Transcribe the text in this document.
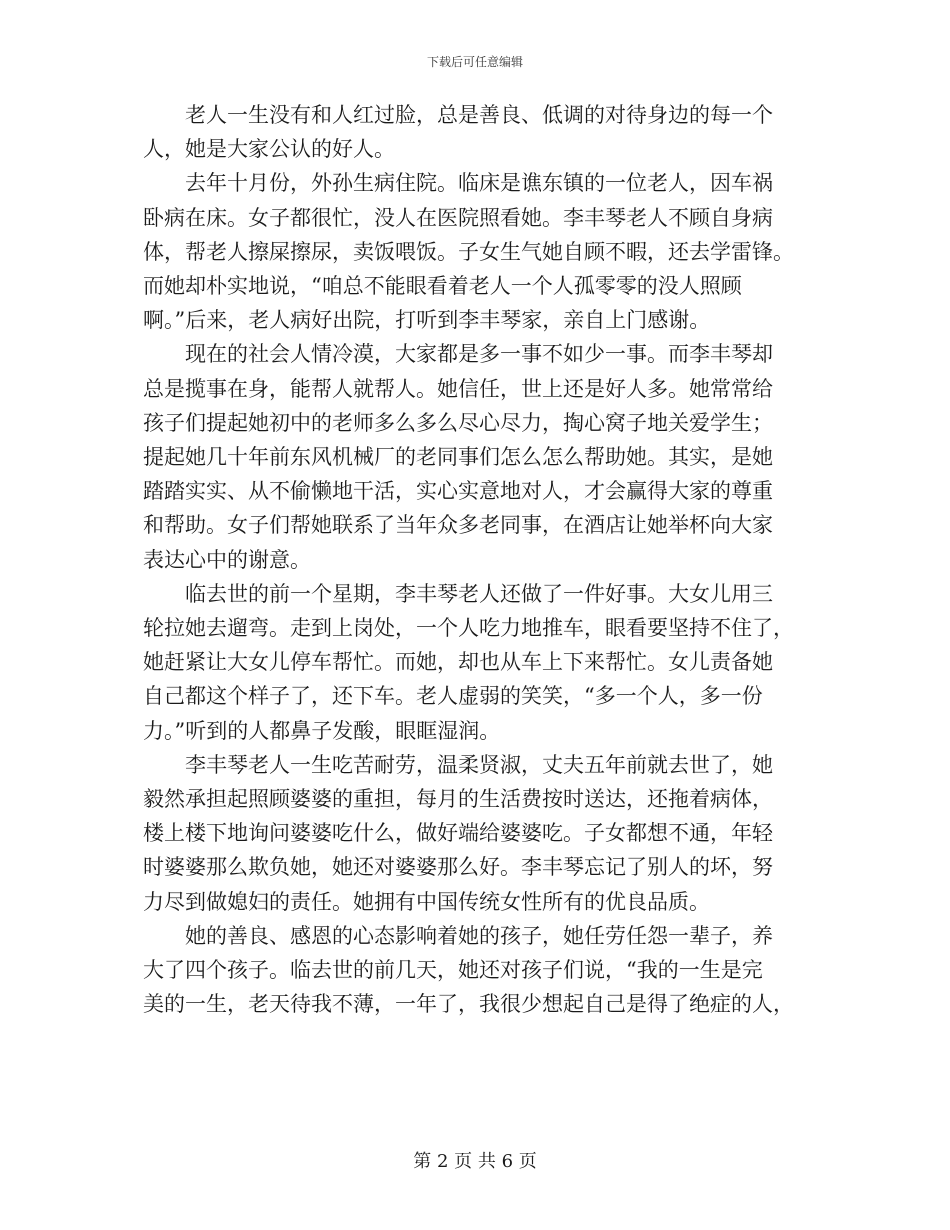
下载后可任意编辑
老人一生没有和人红过脸，总是善良、低调的对待身边的每一个
人，她是大家公认的好人。
去年十月份，外孙生病住院。临床是谯东镇的一位老人，因车祸
卧病在床。女子都很忙，没人在医院照看她。李丰琴老人不顾自身病
体，帮老人擦屎擦尿，卖饭喂饭。子女生气她自顾不暇，还去学雷锋。
而她却朴实地说，“咱总不能眼看着老人一个人孤零零的没人照顾
啊。”后来，老人病好出院，打听到李丰琴家，亲自上门感谢。
现在的社会人情冷漠，大家都是多一事不如少一事。而李丰琴却
总是揽事在身，能帮人就帮人。她信任，世上还是好人多。她常常给
孩子们提起她初中的老师多么多么尽心尽力，掏心窝子地关爱学生；
提起她几十年前东风机械厂的老同事们怎么怎么帮助她。其实，是她
踏踏实实、从不偷懒地干活，实心实意地对人，才会赢得大家的尊重
和帮助。女子们帮她联系了当年众多老同事，在酒店让她举杯向大家
表达心中的谢意。
临去世的前一个星期，李丰琴老人还做了一件好事。大女儿用三
轮拉她去遛弯。走到上岗处，一个人吃力地推车，眼看要坚持不住了，
她赶紧让大女儿停车帮忙。而她，却也从车上下来帮忙。女儿责备她
自己都这个样子了，还下车。老人虚弱的笑笑，“多一个人，多一份
力。”听到的人都鼻子发酸，眼眶湿润。
李丰琴老人一生吃苦耐劳，温柔贤淑，丈夫五年前就去世了，她
毅然承担起照顾婆婆的重担，每月的生活费按时送达，还拖着病体，
楼上楼下地询问婆婆吃什么，做好端给婆婆吃。子女都想不通，年轻
时婆婆那么欺负她，她还对婆婆那么好。李丰琴忘记了别人的坏，努
力尽到做媳妇的责任。她拥有中国传统女性所有的优良品质。
她的善良、感恩的心态影响着她的孩子，她任劳任怨一辈子，养
大了四个孩子。临去世的前几天，她还对孩子们说，“我的一生是完
美的一生，老天待我不薄，一年了，我很少想起自己是得了绝症的人，
第 2 页 共 6 页
